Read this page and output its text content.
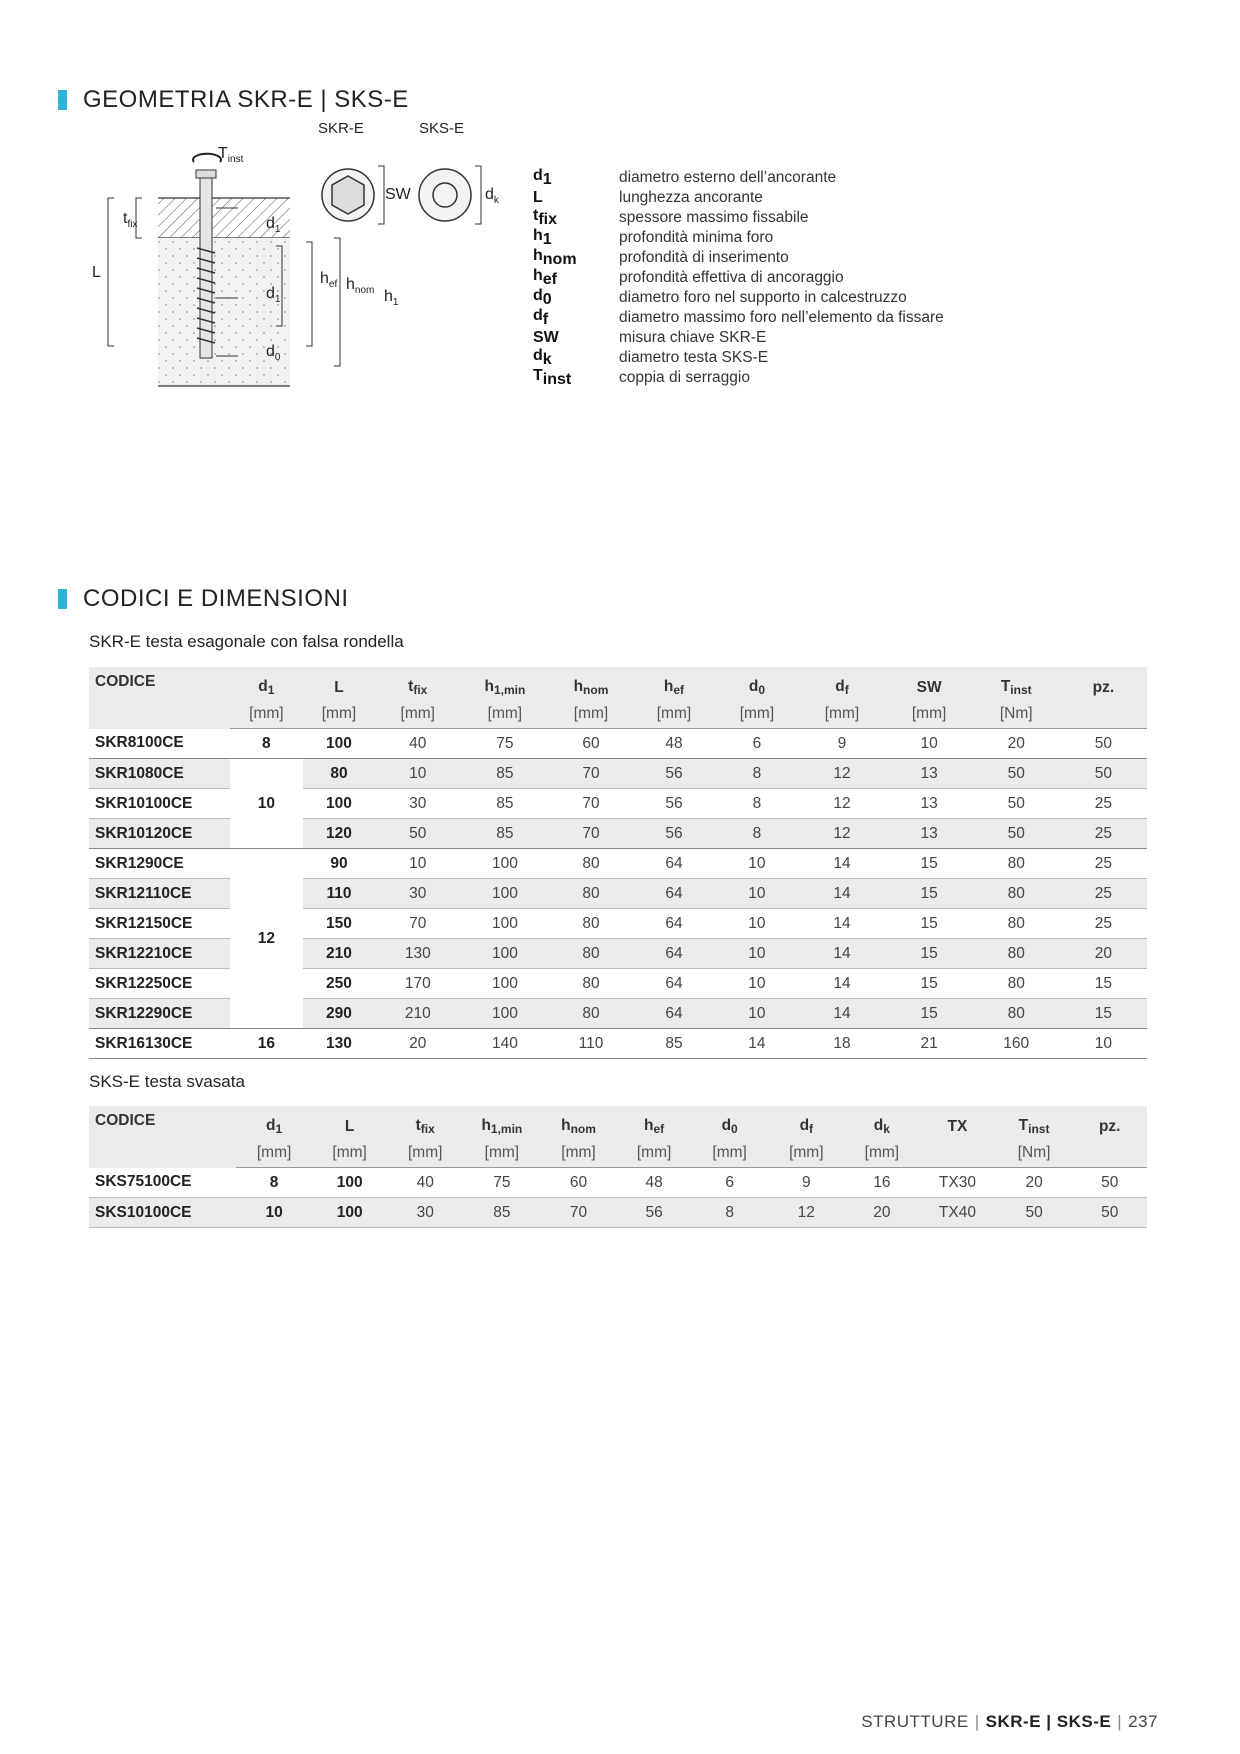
GEOMETRIA SKR-E | SKS-E
SKR-E	SKS-E
SW	$d_k$
$T_{inst}$
$t_{fix}$
L
$d_1$
$d_1$
$d_0$
$h_{ef}$ $h_{nom}$ $h_1$
$d_1$	diametro esterno dell’ancorante
L	lunghezza ancorante
$t_{fix}$	spessore massimo fissabile
$h_1$	profondità minima foro
$h_{nom}$	profondità di inserimento
$h_{ef}$	profondità effettiva di ancoraggio
$d_0$	diametro foro nel supporto in calcestruzzo
$d_f$	diametro massimo foro nell’elemento da fissare
SW	misura chiave SKR-E
$d_k$	diametro testa SKS-E
$T_{inst}$	coppia di serraggio
CODICI E DIMENSIONI
SKR-E testa esagonale con falsa rondella
CODICE	$d_1$	L	$t_{fix}$	$h_{1,min}$	$h_{nom}$	$h_{ef}$	$d_0$	$d_f$	SW	$T_{inst}$	pz.
	[mm]	[mm]	[mm]	[mm]	[mm]	[mm]	[mm]	[mm]	[mm]	[Nm]	
SKR8100CE	8	100	40	75	60	48	6	9	10	20	50
SKR1080CE	10	80	10	85	70	56	8	12	13	50	50
SKR10100CE		100	30	85	70	56	8	12	13	50	25
SKR10120CE		120	50	85	70	56	8	12	13	50	25
SKR1290CE	12	90	10	100	80	64	10	14	15	80	25
SKR12110CE		110	30	100	80	64	10	14	15	80	25
SKR12150CE		150	70	100	80	64	10	14	15	80	25
SKR12210CE		210	130	100	80	64	10	14	15	80	20
SKR12250CE		250	170	100	80	64	10	14	15	80	15
SKR12290CE		290	210	100	80	64	10	14	15	80	15
SKR16130CE	16	130	20	140	110	85	14	18	21	160	10
SKS-E testa svasata
CODICE	$d_1$	L	$t_{fix}$	$h_{1,min}$	$h_{nom}$	$h_{ef}$	$d_0$	$d_f$	$d_k$	TX	$T_{inst}$	pz.
	[mm]	[mm]	[mm]	[mm]	[mm]	[mm]	[mm]	[mm]	[mm]		[Nm]	
SKS75100CE	8	100	40	75	60	48	6	9	16	TX30	20	50
SKS10100CE	10	100	30	85	70	56	8	12	20	TX40	50	50
STRUTTURE | SKR-E | SKS-E | 237
